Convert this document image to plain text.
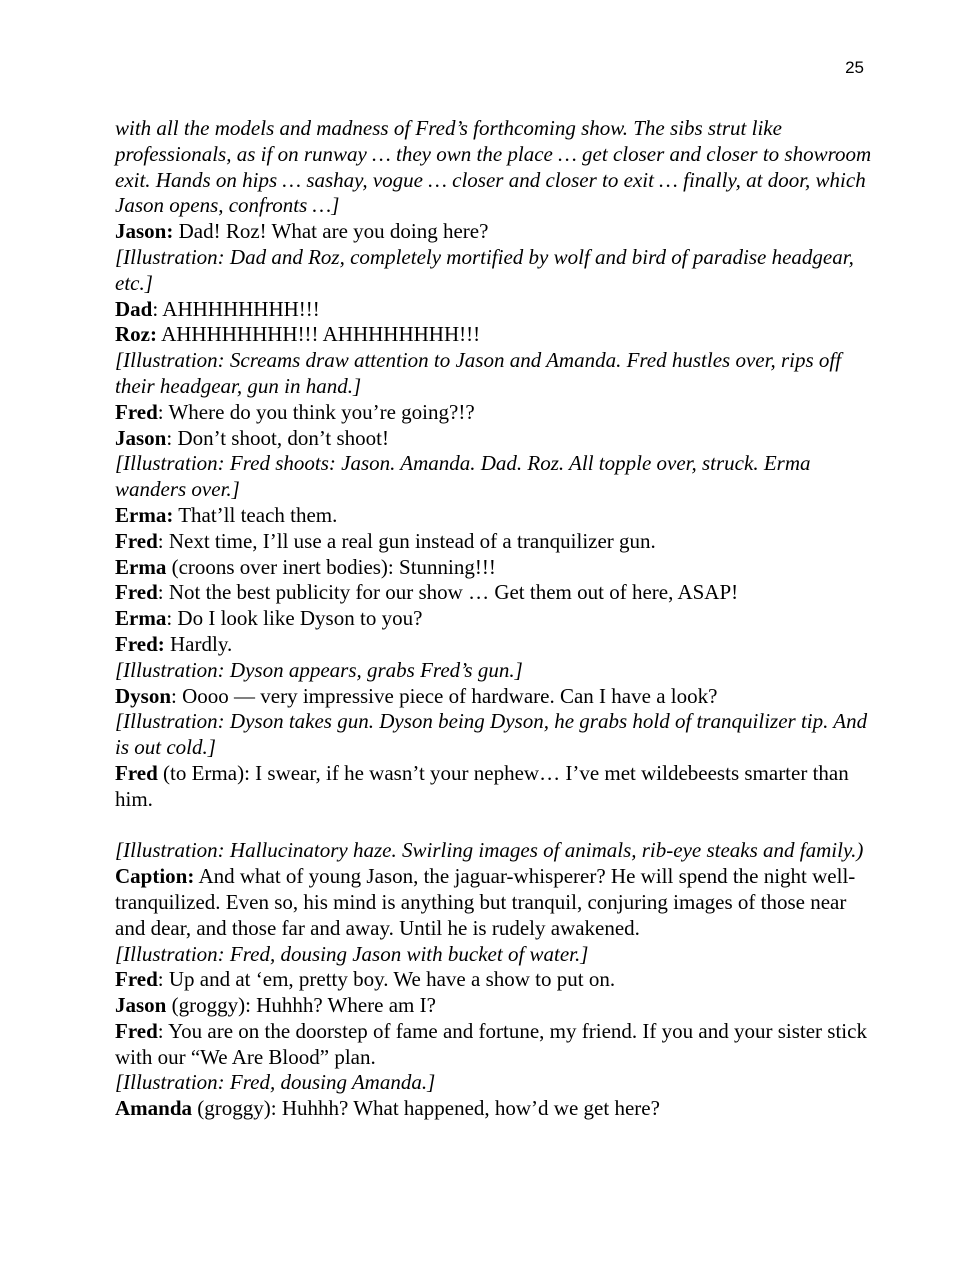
25

with all the models and madness of Fred’s forthcoming show. The sibs strut like professionals, as if on runway … they own the place … get closer and closer to showroom exit. Hands on hips … sashay, vogue … closer and closer to exit … finally, at door, which Jason opens, confronts …]

Jason: Dad! Roz! What are you doing here?

[Illustration: Dad and Roz, completely mortified by wolf and bird of paradise headgear, etc.]

Dad: AHHHHHHHH!!!

Roz: AHHHHHHHH!!! AHHHHHHHH!!!

[Illustration: Screams draw attention to Jason and Amanda. Fred hustles over, rips off their headgear, gun in hand.]

Fred: Where do you think you’re going?!?

Jason: Don’t shoot, don’t shoot!

[Illustration: Fred shoots: Jason. Amanda. Dad. Roz. All topple over, struck. Erma wanders over.]

Erma: That’ll teach them.

Fred: Next time, I’ll use a real gun instead of a tranquilizer gun.

Erma (croons over inert bodies): Stunning!!!

Fred: Not the best publicity for our show … Get them out of here, ASAP!

Erma: Do I look like Dyson to you?

Fred: Hardly.

[Illustration: Dyson appears, grabs Fred’s gun.]

Dyson: Oooo — very impressive piece of hardware. Can I have a look?

[Illustration: Dyson takes gun. Dyson being Dyson, he grabs hold of tranquilizer tip. And is out cold.]

Fred (to Erma): I swear, if he wasn’t your nephew… I’ve met wildebeests smarter than him.

[Illustration: Hallucinatory haze. Swirling images of animals, rib-eye steaks and family.)

Caption: And what of young Jason, the jaguar-whisperer? He will spend the night well-tranquilized. Even so, his mind is anything but tranquil, conjuring images of those near and dear, and those far and away. Until he is rudely awakened.

[Illustration: Fred, dousing Jason with bucket of water.]

Fred: Up and at ‘em, pretty boy. We have a show to put on.

Jason (groggy): Huhhh? Where am I?

Fred: You are on the doorstep of fame and fortune, my friend. If you and your sister stick with our “We Are Blood” plan.

[Illustration: Fred, dousing Amanda.]

Amanda (groggy): Huhhh? What happened, how’d we get here?
